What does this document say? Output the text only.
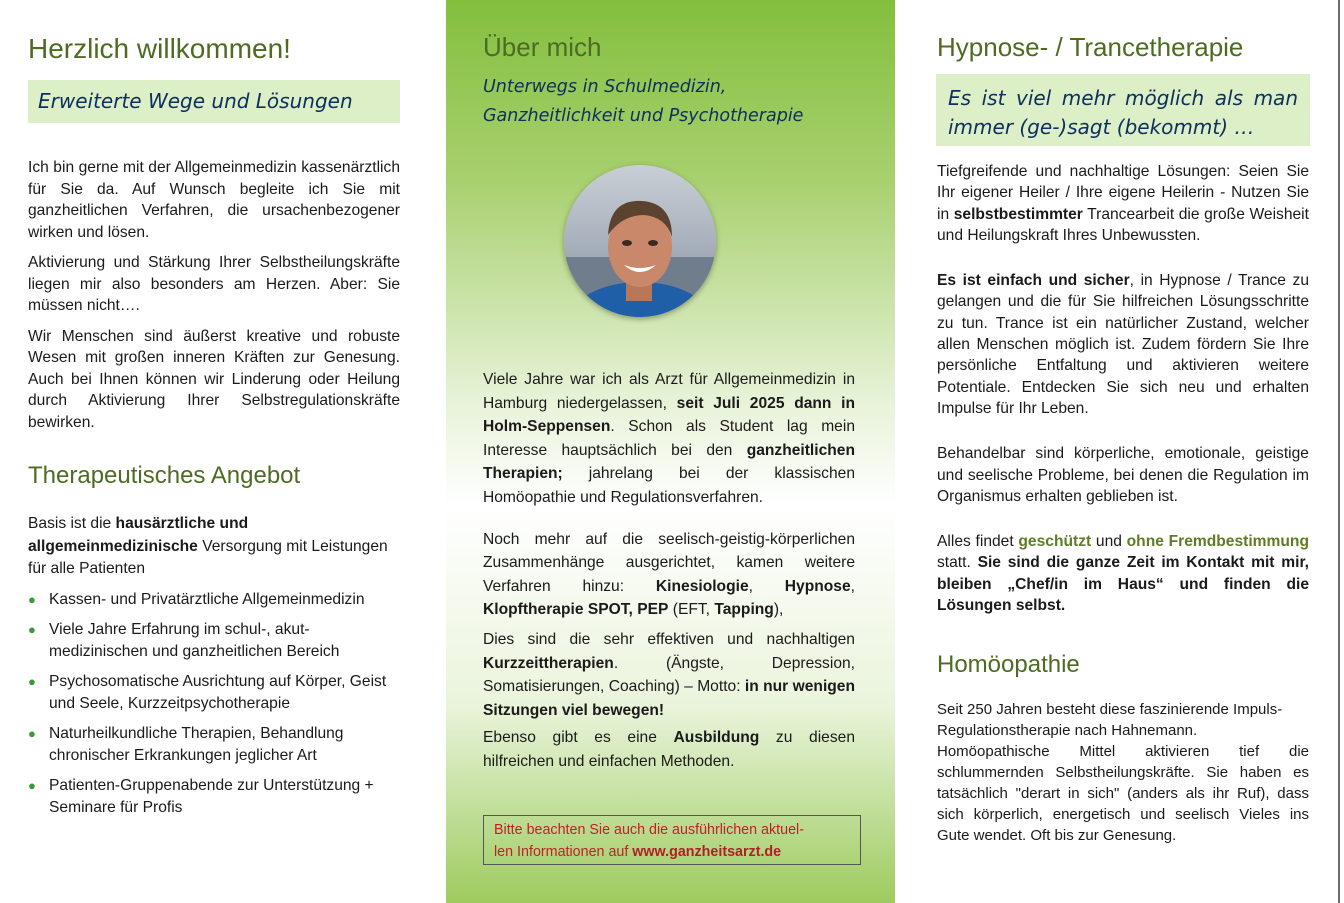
Herzlich willkommen!
Erweiterte Wege und Lösungen

Ich bin gerne mit der Allgemeinmedizin kassenärztlich für Sie da. Auf Wunsch begleite ich Sie mit ganzheitlichen Verfahren, die ursachenbezogener wirken und lösen.

Aktivierung und Stärkung Ihrer Selbstheilungskräfte liegen mir also besonders am Herzen. Aber: Sie müssen nicht….

Wir Menschen sind äußerst kreative und robuste Wesen mit großen inneren Kräften zur Genesung. Auch bei Ihnen können wir Linderung oder Heilung durch Aktivierung Ihrer Selbstregulationskräfte bewirken.

Therapeutisches Angebot

Basis ist die hausärztliche und allgemeinmedizinische Versorgung mit Leistungen für alle Patienten

● Kassen- und Privatärztliche Allgemeinmedizin
● Viele Jahre Erfahrung im schul-, akut-medizinischen und ganzheitlichen Bereich
● Psychosomatische Ausrichtung auf Körper, Geist und Seele, Kurzzeitpsychotherapie
● Naturheilkundliche Therapien, Behandlung chronischer Erkrankungen jeglicher Art
● Patienten-Gruppenabende zur Unterstützung + Seminare für Profis
Über mich
Unterwegs in Schulmedizin,
Ganzheitlichkeit und Psychotherapie

Viele Jahre war ich als Arzt für Allgemeinmedizin in Hamburg niedergelassen, seit Juli 2025 dann in Holm-Seppensen. Schon als Student lag mein Interesse hauptsächlich bei den ganzheitlichen Therapien; jahrelang bei der klassischen Homöopathie und Regulationsverfahren.

Noch mehr auf die seelisch-geistig-körperlichen Zusammenhänge ausgerichtet, kamen weitere Verfahren hinzu: Kinesiologie, Hypnose, Klopftherapie SPOT, PEP (EFT, Tapping),

Dies sind die sehr effektiven und nachhaltigen Kurzzeittherapien. (Ängste, Depression, Somatisierungen, Coaching) – Motto: in nur wenigen Sitzungen viel bewegen!

Ebenso gibt es eine Ausbildung zu diesen hilfreichen und einfachen Methoden.

Bitte beachten Sie auch die ausführlichen aktuel-
len Informationen auf www.ganzheitsarzt.de
Hypnose- / Trancetherapie
Es ist viel mehr möglich als man immer (ge-)sagt (bekommt) …

Tiefgreifende und nachhaltige Lösungen: Seien Sie Ihr eigener Heiler / Ihre eigene Heilerin - Nutzen Sie in selbstbestimmter Trancearbeit die große Weisheit und Heilungskraft Ihres Unbewussten.

Es ist einfach und sicher, in Hypnose / Trance zu gelangen und die für Sie hilfreichen Lösungsschritte zu tun. Trance ist ein natürlicher Zustand, welcher allen Menschen möglich ist. Zudem fördern Sie Ihre persönliche Entfaltung und aktivieren weitere Potentiale. Entdecken Sie sich neu und erhalten Impulse für Ihr Leben.

Behandelbar sind körperliche, emotionale, geistige und seelische Probleme, bei denen die Regulation im Organismus erhalten geblieben ist.

Alles findet geschützt und ohne Fremdbestimmung statt. Sie sind die ganze Zeit im Kontakt mit mir, bleiben „Chef/in im Haus“ und finden die Lösungen selbst.

Homöopathie

Seit 250 Jahren besteht diese faszinierende Impuls-Regulationstherapie nach Hahnemann.

Homöopathische Mittel aktivieren tief die schlummernden Selbstheilungskräfte. Sie haben es tatsächlich "derart in sich" (anders als ihr Ruf), dass sich körperlich, energetisch und seelisch Vieles ins Gute wendet. Oft bis zur Genesung.
